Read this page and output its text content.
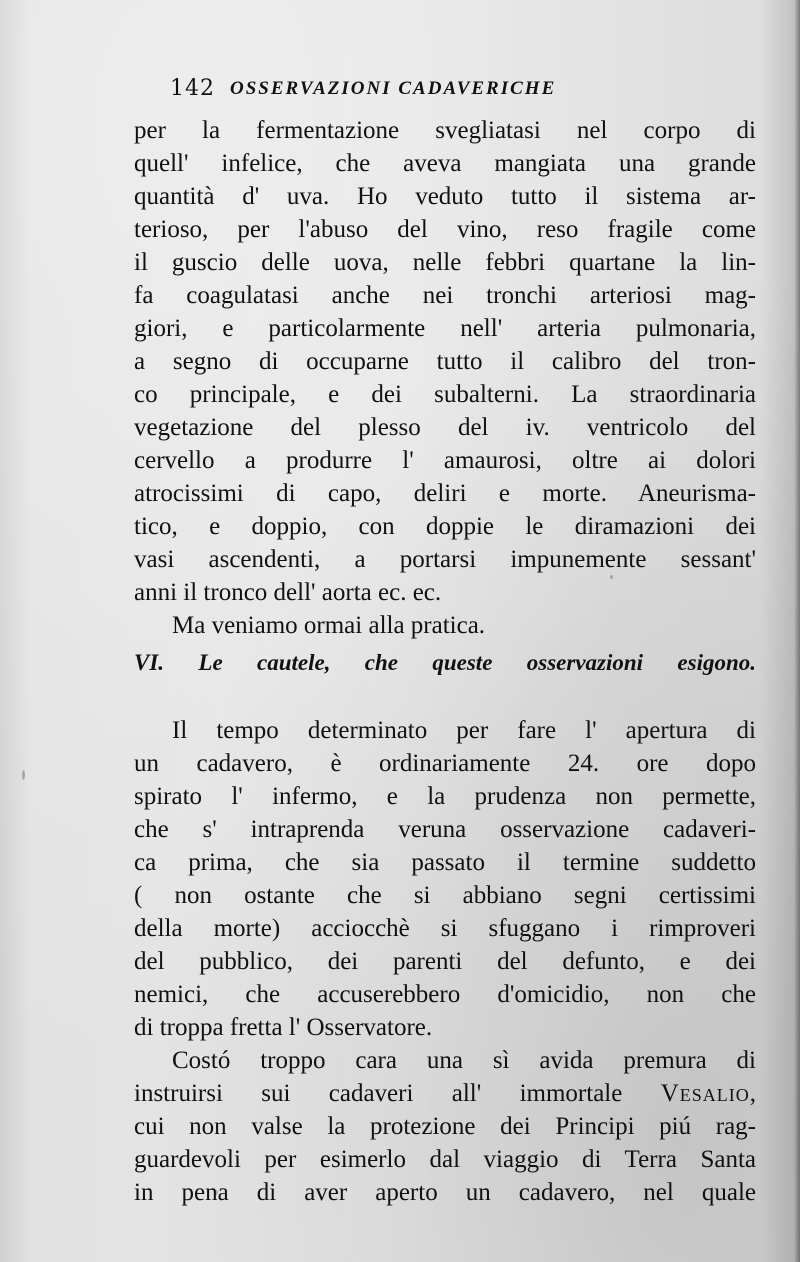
142 OSSERVAZIONI CADAVERICHE
per la fermentazione svegliatasi nel corpo di
quell' infelice, che aveva mangiata una grande
quantità d' uva. Ho veduto tutto il sistema ar-
terioso, per l'abuso del vino, reso fragile come
il guscio delle uova, nelle febbri quartane la lin-
fa coagulatasi anche nei tronchi arteriosi mag-
giori, e particolarmente nell' arteria pulmonaria,
a segno di occuparne tutto il calibro del tron-
co principale, e dei subalterni. La straordinaria
vegetazione del plesso del iv. ventricolo del
cervello a produrre l' amaurosi, oltre ai dolori
atrocissimi di capo, deliri e morte. Aneurisma-
tico, e doppio, con doppie le diramazioni dei
vasi ascendenti, a portarsi impunemente sessant'
anni il tronco dell' aorta ec. ec.
Ma veniamo ormai alla pratica.
VI. Le cautele, che queste osservazioni esigono.
Il tempo determinato per fare l' apertura di
un cadavero, è ordinariamente 24. ore dopo
spirato l' infermo, e la prudenza non permette,
che s' intraprenda veruna osservazione cadaveri-
ca prima, che sia passato il termine suddetto
( non ostante che si abbiano segni certissimi
della morte) acciocchè si sfuggano i rimproveri
del pubblico, dei parenti del defunto, e dei
nemici, che accuserebbero d'omicidio, non che
di troppa fretta l' Osservatore.
Costó troppo cara una sì avida premura di
instruirsi sui cadaveri all' immortale Vesalio,
cui non valse la protezione dei Principi piú rag-
guardevoli per esimerlo dal viaggio di Terra Santa
in pena di aver aperto un cadavero, nel quale
